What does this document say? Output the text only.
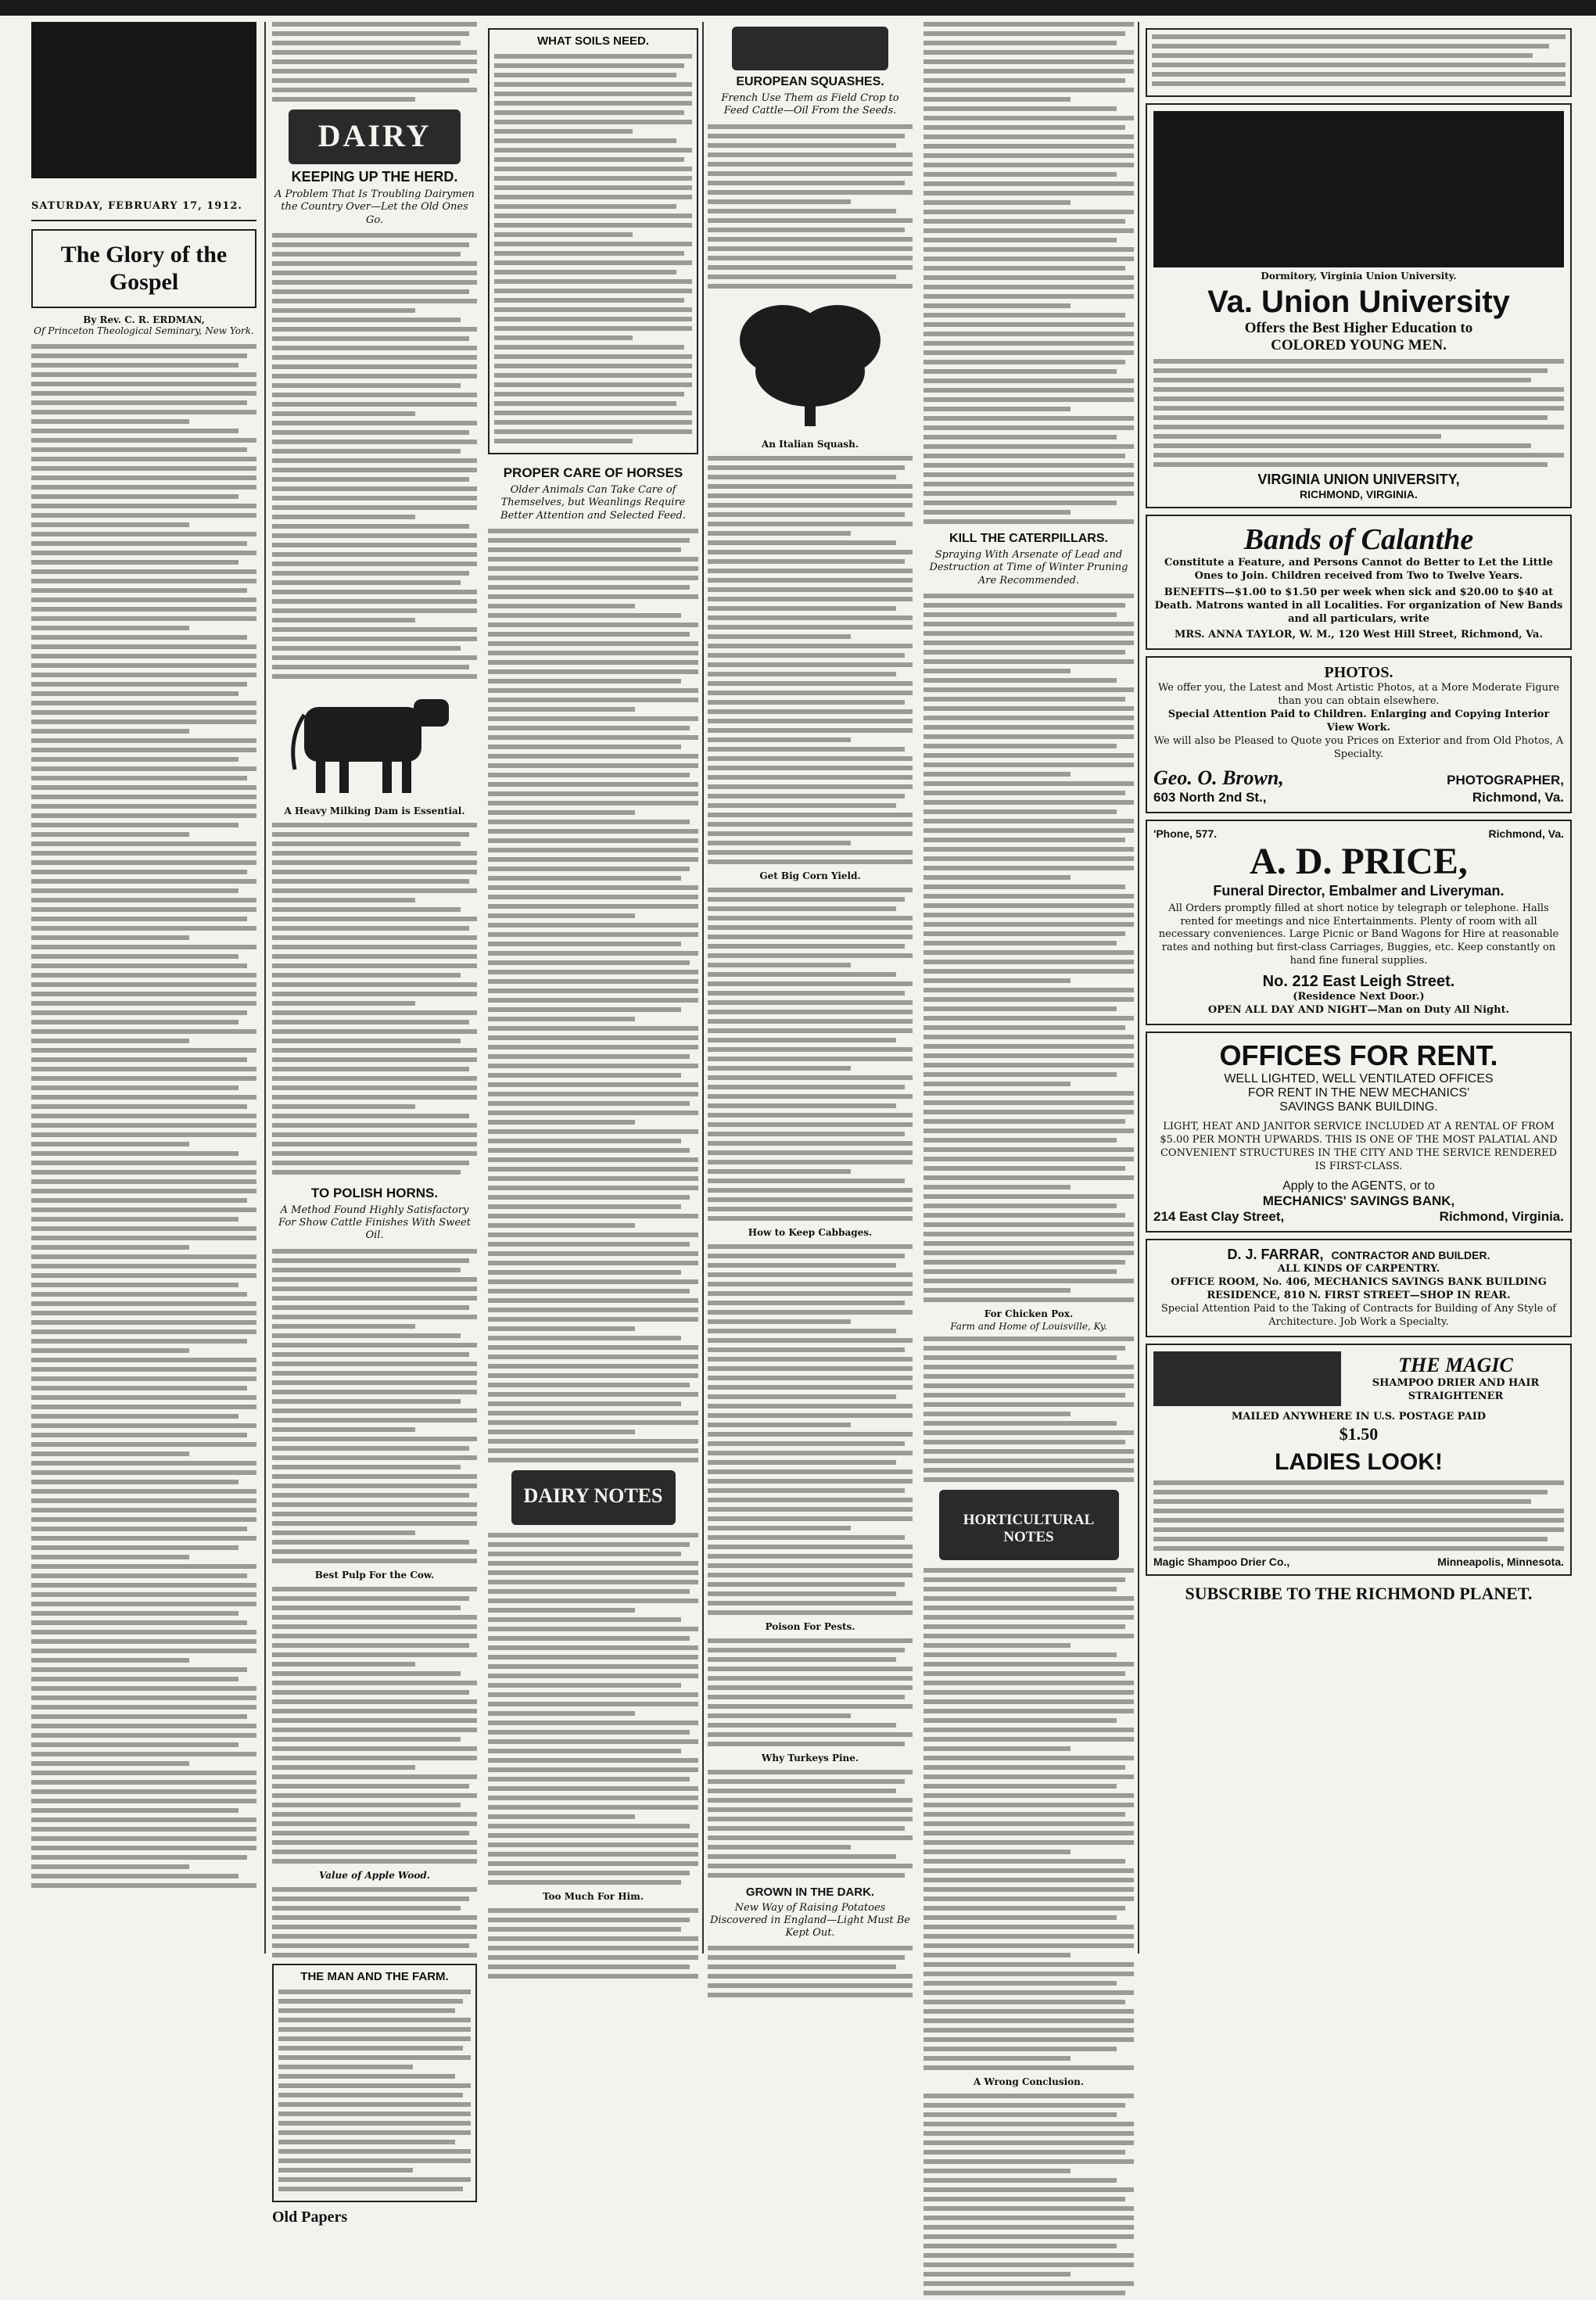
SATURDAY, FEBRUARY 17, 1912.
The Glory of the Gospel
By Rev. C. R. ERDMAN,
Of Princeton Theological Seminary, New York.
DAIRY
KEEPING UP THE HERD.
A Problem That Is Troubling Dairymen the Country Over—Let the Old Ones Go.
A Heavy Milking Dam is Essential.
TO POLISH HORNS.
A Method Found Highly Satisfactory For Show Cattle Finishes With Sweet Oil.
Best Pulp For the Cow.
Value of Apple Wood.
THE MAN AND THE FARM.
Old Papers
WHAT SOILS NEED.
PROPER CARE OF HORSES
Older Animals Can Take Care of Themselves, but Weanlings Require Better Attention and Selected Feed.
DAIRY NOTES
Too Much For Him.
EUROPEAN SQUASHES.
French Use Them as Field Crop to Feed Cattle—Oil From the Seeds.
An Italian Squash.
Get Big Corn Yield.
How to Keep Cabbages.
Poison For Pests.
Why Turkeys Pine.
GROWN IN THE DARK.
New Way of Raising Potatoes Discovered in England—Light Must Be Kept Out.
KILL THE CATERPILLARS.
Spraying With Arsenate of Lead and Destruction at Time of Winter Pruning Are Recommended.
For Chicken Pox.
Farm and Home of Louisville, Ky.
HORTICULTURAL NOTES
A Wrong Conclusion.
Dormitory, Virginia Union University.
Va. Union University
Offers the Best Higher Education to
COLORED YOUNG MEN.
VIRGINIA UNION UNIVERSITY,
RICHMOND, VIRGINIA.
Bands of Calanthe
Constitute a Feature, and Persons Cannot do Better to Let the Little Ones to Join. Children received from Two to Twelve Years.
BENEFITS—$1.00 to $1.50 per week when sick and $20.00 to $40 at Death. Matrons wanted in all Localities. For organization of New Bands and all particulars, write
MRS. ANNA TAYLOR, W. M., 120 West Hill Street, Richmond, Va.
PHOTOS.
We offer you, the Latest and Most Artistic Photos, at a More Moderate Figure than you can obtain elsewhere.
Special Attention Paid to Children. Enlarging and Copying Interior View Work.
We will also be Pleased to Quote you Prices on Exterior and from Old Photos, A Specialty.
Geo. O. Brown,	PHOTOGRAPHER,
603 North 2nd St.,	Richmond, Va.
'Phone, 577.	Richmond, Va.
A. D. PRICE,
Funeral Director, Embalmer and Liveryman.
All Orders promptly filled at short notice by telegraph or telephone. Halls rented for meetings and nice Entertainments. Plenty of room with all necessary conveniences. Large Picnic or Band Wagons for Hire at reasonable rates and nothing but first-class Carriages, Buggies, etc. Keep constantly on hand fine funeral supplies.
No. 212 East Leigh Street.
(Residence Next Door.)
OPEN ALL DAY AND NIGHT—Man on Duty All Night.
OFFICES FOR RENT.
WELL LIGHTED, WELL VENTILATED OFFICES
FOR RENT IN THE NEW MECHANICS'
SAVINGS BANK BUILDING.
LIGHT, HEAT AND JANITOR SERVICE INCLUDED AT A RENTAL OF FROM $5.00 PER MONTH UPWARDS. THIS IS ONE OF THE MOST PALATIAL AND CONVENIENT STRUCTURES IN THE CITY AND THE SERVICE RENDERED IS FIRST-CLASS.
Apply to the AGENTS, or to
MECHANICS' SAVINGS BANK,
214 East Clay Street,	Richmond, Virginia.
D. J. FARRAR, CONTRACTOR AND BUILDER.
ALL KINDS OF CARPENTRY.
OFFICE ROOM, No. 406, MECHANICS SAVINGS BANK BUILDING
RESIDENCE, 810 N. FIRST STREET—SHOP IN REAR.
Special Attention Paid to the Taking of Contracts for Building of Any Style of Architecture. Job Work a Specialty.
THE MAGIC
SHAMPOO DRIER AND HAIR STRAIGHTENER
MAILED ANYWHERE IN U.S. POSTAGE PAID
$1.50
LADIES LOOK!
Magic Shampoo Drier Co.,	Minneapolis, Minnesota.
SUBSCRIBE TO THE RICHMOND PLANET.
